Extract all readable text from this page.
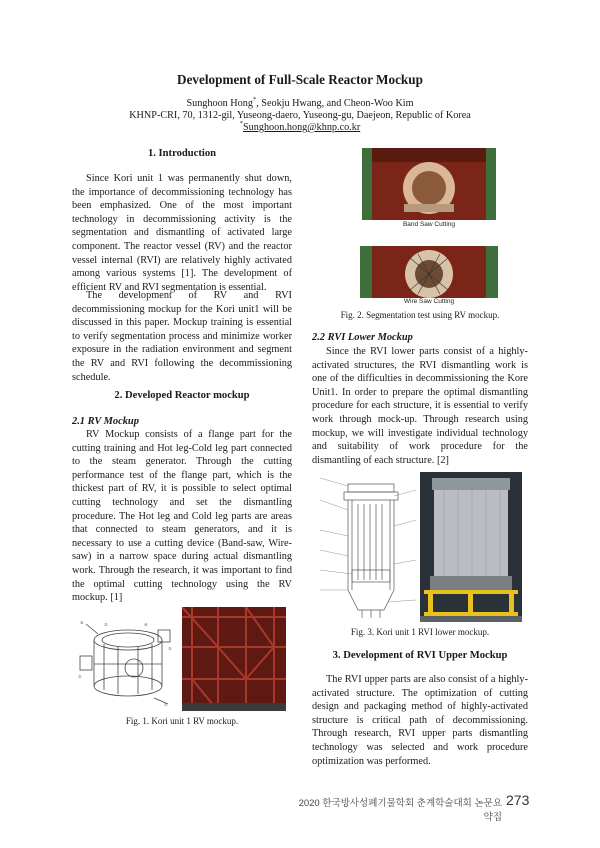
Development of Full-Scale Reactor Mockup
Sunghoon Hong*, Seokju Hwang, and Cheon-Woo Kim
KHNP-CRI, 70, 1312-gil, Yuseong-daero, Yuseong-gu, Daejeon, Republic of Korea
*Sunghoon.hong@khnp.co.kr
1. Introduction

Since Kori unit 1 was permanently shut down, the importance of decommissioning technology has been emphasized. One of the most important technology in decommissioning activity is the segmentation and dismantling of activated large component. The reactor vessel (RV) and the reactor vessel internal (RVI) are relatively highly activated among various systems [1]. The development of efficient RV and RVI segmentation is essential.

The development of RV and RVI decommissioning mockup for the Kori unit1 will be discussed in this paper. Mockup training is essential to verify segmentation process and minimize worker exposure in the radiation environment and segment the RV and RVI following the decommissioning schedule.

2. Developed Reactor mockup
2.1 RV Mockup

RV Mockup consists of a flange part for the cutting training and Hot leg-Cold leg part connected to the steam generator. Through the cutting performance test of the flange part, which is the thickest part of RV, it is possible to select optimal cutting technology and set the dismantling procedure. The Hot leg and Cold leg parts are areas that connected to steam generators, and it is necessary to use a cutting device (Band-saw, Wire-saw) in a narrow space during actual dismantling work. Through the research, it was important to find the optimal cutting technology using the RV mockup. [1]

⑥	⑤	④
③
②
①
Fig. 1. Kori unit 1 RV mockup.
Band Saw Cutting
Wire Saw Cutting
Fig. 2. Segmentation test using RV mockup.
2.2 RVI Lower Mockup

Since the RVI lower parts consist of a highly-activated structures, the RVI dismantling work is one of the difficulties in decommissioning the Kore Unit1. In order to prepare the optimal dismantling procedure for each structure, it is essential to verify work through mock-up. Through research using mockup, we will investigate individual technology and suitability of work procedure for the dismantling of each structure. [2]

Fig. 3. Kori unit 1 RVI lower mockup.
3. Development of RVI Upper Mockup

The RVI upper parts are also consist of a highly-activated structure. The optimization of cutting design and packaging method of highly-activated structure is critical path of decommissioning. Through research, RVI upper parts dismantling technology was selected and work procedure optimization was performed.

2020 한국방사성폐기물학회 춘계학술대회 논문요약집
273
